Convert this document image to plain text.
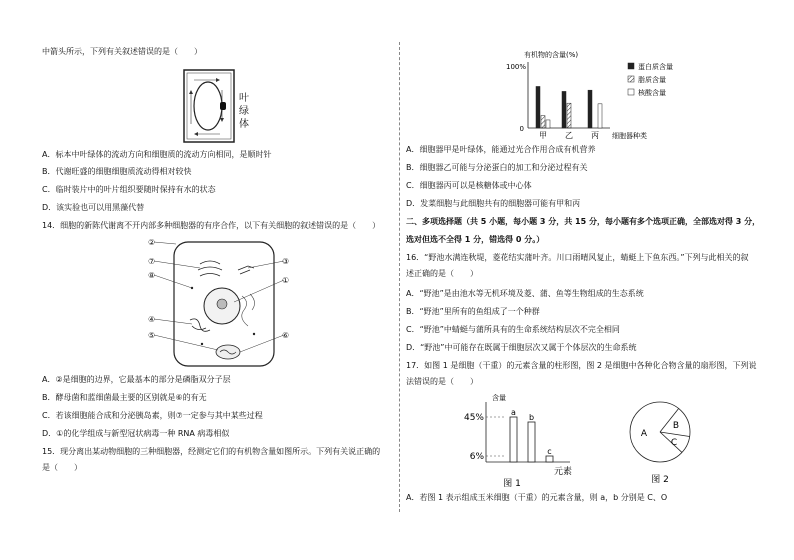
中箭头所示，下列有关叙述错误的是（　　）
叶
绿
体
A．标本中叶绿体的流动方向和细胞质的流动方向相同，是顺时针
B．代谢旺盛的细胞细胞质流动得相对较快
C．临时装片中的叶片组织要随时保持有水的状态
D．该实验也可以用黑藻代替
14．细胞的新陈代谢离不开内部多种细胞器的有序合作，以下有关细胞的叙述错误的是（　　）
②
⑦
⑧
④
⑤
③
①
⑥
A．②是细胞的边界，它最基本的部分是磷脂双分子层
B．酵母菌和蓝细菌最主要的区别就是⑥的有无
C．若该细胞能合成和分泌胰岛素，则⑦一定参与其中某些过程
D．①的化学组成与新型冠状病毒一种 RNA 病毒相似
15．现分离出某动物细胞的三种细胞器，经测定它们的有机物含量如图所示。下列有关说正确的
是（　　）
有机物的含量(%)
100%
0
甲 乙 丙 细胞器种类
蛋白质含量
脂质含量
核酸含量
A．细胞器甲是叶绿体，能通过光合作用合成有机营养
B．细胞器乙可能与分泌蛋白的加工和分泌过程有关
C．细胞器丙可以是核糖体或中心体
D．发菜细胞与此细胞共有的细胞器可能有甲和丙
二、多项选择题（共 5 小题，每小题 3 分，共 15 分，每小题有多个选项正确，全部选对得 3 分，
选对但选不全得 1 分，错选得 0 分。）
16．“野池水满连秋堤，菱花结实蒲叶齐。川口雨晴风复止，蜻蜓上下鱼东西。”下列与此相关的叙
述正确的是（　　）
A．“野池”是由池水等无机环境及菱、蒲、鱼等生物组成的生态系统
B．“野池”里所有的鱼组成了一个种群
C．“野池”中蜻蜓与蒲所具有的生命系统结构层次不完全相同
D．“野池”中可能存在既属于细胞层次又属于个体层次的生命系统
17．如图 1 是细胞（干重）的元素含量的柱形图，图 2 是细胞中各种化合物含量的扇形图，下列说
法错误的是（　　）
含量
45%
6%
a
b
c
元素
图 1
A
B
C
图 2
A．若图 1 表示组成玉米细胞（干重）的元素含量，则 a，b 分别是 C、O
